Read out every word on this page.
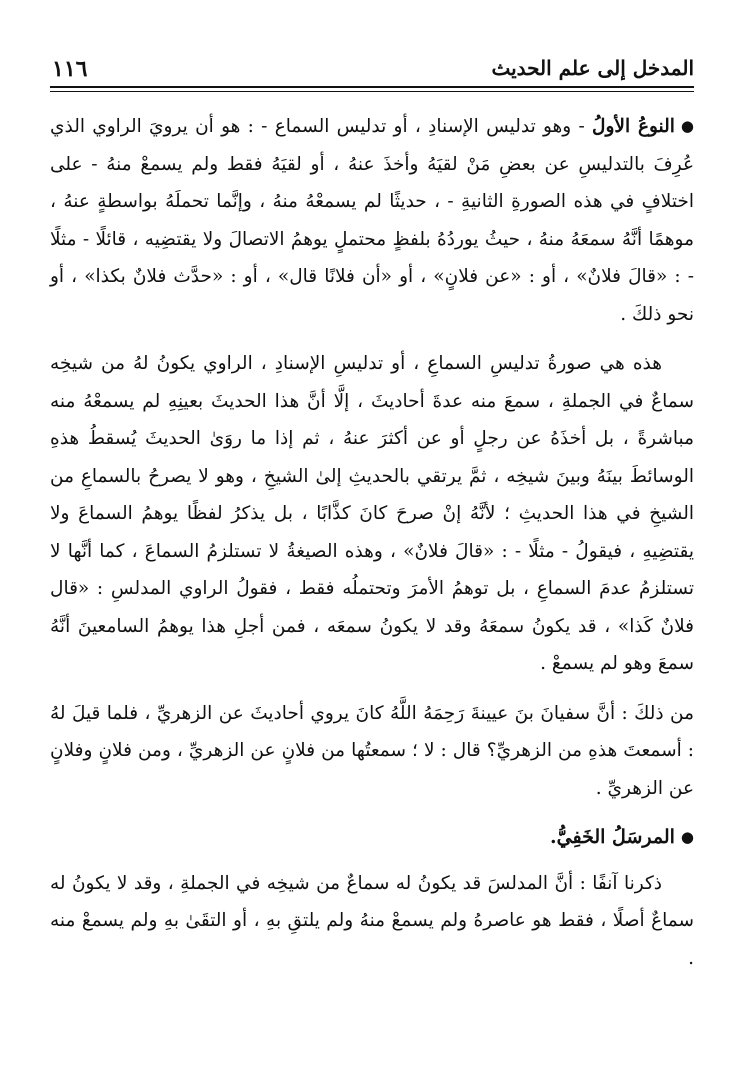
المدخل إلى علم الحديث
١١٦

●النوعُ الأولُ - وهو تدليس الإسنادِ ، أو تدليس السماع - : هو أن يرويَ الراوي الذي عُرِفَ بالتدليسِ عن بعضِ مَنْ لقيَهُ وأخذَ عنهُ ، أو لقيَهُ فقط ولم يسمعْ منهُ - على اختلافٍ في هذه الصورةِ الثانيةِ - ، حديثًا لم يسمعْهُ منهُ ، وإنَّما تحملَهُ بواسطةٍ عنهُ ، موهمًا أنَّهُ سمعَهُ منهُ ، حيثُ يوردُهُ بلفظٍ محتملٍ يوهمُ الاتصالَ ولا يقتضِيه ، قائلًا - مثلًا - : «قالَ فلانٌ» ، أو : «عن فلانٍ» ، أو «أن فلانًا قال» ، أو : «حدَّث فلانٌ بكذا» ، أو نحو ذلكَ .

هذه هي صورةُ تدليسِ السماعِ ، أو تدليسِ الإسنادِ ، الراوي يكونُ لهُ من شيخِه سماعٌ في الجملةِ ، سمعَ منه عدةَ أحاديثَ ، إلَّا أنَّ هذا الحديثَ بعينِهِ لم يسمعْهُ منه مباشرةً ، بل أخذَهُ عن رجلٍ أو عن أكثرَ عنهُ ، ثم إذا ما روَىٰ الحديثَ يُسقطُ هذهِ الوسائطَ بينَهُ وبينَ شيخِه ، ثمَّ يرتقي بالحديثِ إلىٰ الشيخِ ، وهو لا يصرحُ بالسماعِ من الشيخِ في هذا الحديثِ ؛ لأنَّهُ إنْ صرحَ كانَ كذَّابًا ، بل يذكرُ لفظًا يوهمُ السماعَ ولا يقتضِيهِ ، فيقولُ - مثلًا - : «قالَ فلانٌ» ، وهذه الصيغةُ لا تستلزمُ السماعَ ، كما أنَّها لا تستلزمُ عدمَ السماعِ ، بل توهمُ الأمرَ وتحتملُه فقط ، فقولُ الراوي المدلسِ : «قال فلانٌ كَذا» ، قد يكونُ سمعَهُ وقد لا يكونُ سمعَه ، فمن أجلِ هذا يوهمُ السامعينَ أنَّهُ سمعَ وهو لم يسمعْ .

من ذلكَ : أنَّ سفيانَ بنَ عيينةَ رَحِمَهُ اللَّهُ كانَ يروي أحاديثَ عن الزهريِّ ، فلما قيلَ لهُ : أسمعتَ هذهِ من الزهريِّ؟ قال : لا ؛ سمعتُها من فلانٍ عن الزهريِّ ، ومن فلانٍ وفلانٍ عن الزهريِّ .

●المرسَلُ الخَفِيُّ.

ذكرنا آنفًا : أنَّ المدلسَ قد يكونُ له سماعٌ من شيخِه في الجملةِ ، وقد لا يكونُ له سماعٌ أصلًا ، فقط هو عاصرهُ ولم يسمعْ منهُ ولم يلتقِ بهِ ، أو التقَىٰ بهِ ولم يسمعْ منه .
